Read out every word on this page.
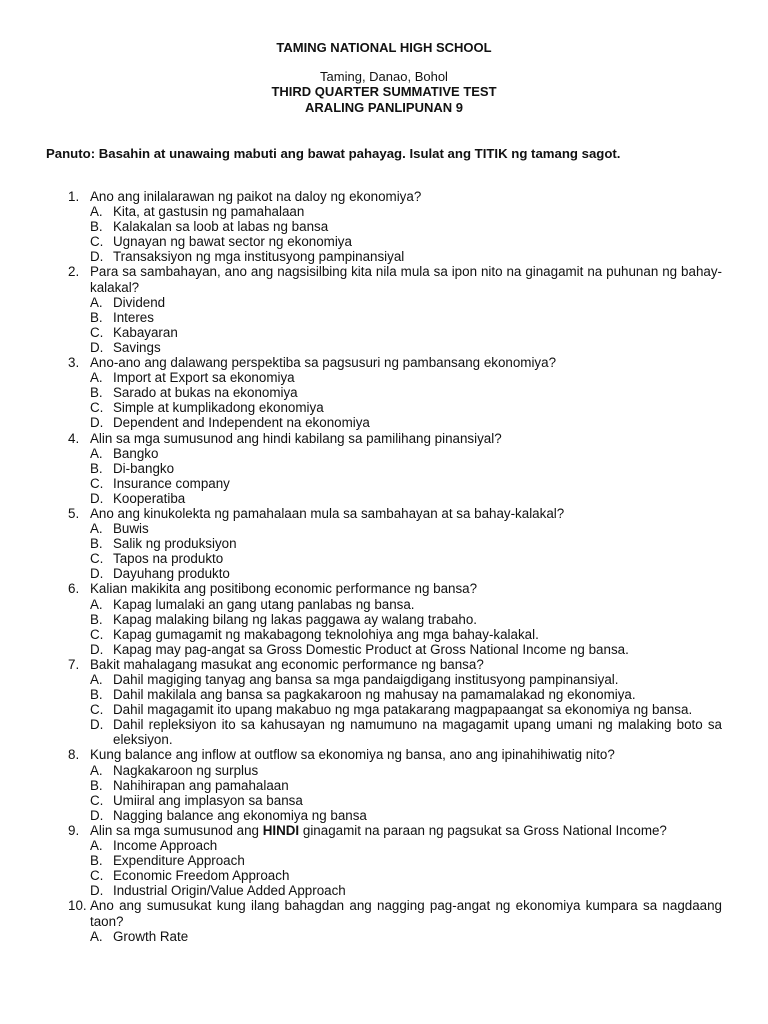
TAMING NATIONAL HIGH SCHOOL
Taming, Danao, Bohol
THIRD QUARTER SUMMATIVE TEST
ARALING PANLIPUNAN 9
Panuto: Basahin at unawaing mabuti ang bawat pahayag. Isulat ang TITIK ng tamang sagot.
1. Ano ang inilalarawan ng paikot na daloy ng ekonomiya?
A. Kita, at gastusin ng pamahalaan
B. Kalakalan sa loob at labas ng bansa
C. Ugnayan ng bawat sector ng ekonomiya
D. Transaksiyon ng mga institusyong pampinansiyal
2. Para sa sambahayan, ano ang nagsisilbing kita nila mula sa ipon nito na ginagamit na puhunan ng bahay-kalakal?
A. Dividend
B. Interes
C. Kabayaran
D. Savings
3. Ano-ano ang dalawang perspektiba sa pagsusuri ng pambansang ekonomiya?
A. Import at Export sa ekonomiya
B. Sarado at bukas na ekonomiya
C. Simple at kumplikadong ekonomiya
D. Dependent and Independent na ekonomiya
4. Alin sa mga sumusunod ang hindi kabilang sa pamilihang pinansiyal?
A. Bangko
B. Di-bangko
C. Insurance company
D. Kooperatiba
5. Ano ang kinukolekta ng pamahalaan mula sa sambahayan at sa bahay-kalakal?
A. Buwis
B. Salik ng produksiyon
C. Tapos na produkto
D. Dayuhang produkto
6. Kalian makikita ang positibong economic performance ng bansa?
A. Kapag lumalaki an gang utang panlabas ng bansa.
B. Kapag malaking bilang ng lakas paggawa ay walang trabaho.
C. Kapag gumagamit ng makabagong teknolohiya ang mga bahay-kalakal.
D. Kapag may pag-angat sa Gross Domestic Product at Gross National Income ng bansa.
7. Bakit mahalagang masukat ang economic performance ng bansa?
A. Dahil magiging tanyag ang bansa sa mga pandaigdigang institusyong pampinansiyal.
B. Dahil makilala ang bansa sa pagkakaroon ng mahusay na pamamalakad ng ekonomiya.
C. Dahil magagamit ito upang makabuo ng mga patakarang magpapaangat sa ekonomiya ng bansa.
D. Dahil repleksiyon ito sa kahusayan ng namumuno na magagamit upang umani ng malaking boto sa eleksiyon.
8. Kung balance ang inflow at outflow sa ekonomiya ng bansa, ano ang ipinahihiwatig nito?
A. Nagkakaroon ng surplus
B. Nahihirapan ang pamahalaan
C. Umiiral ang implasyon sa bansa
D. Nagging balance ang ekonomiya ng bansa
9. Alin sa mga sumusunod ang HINDI ginagamit na paraan ng pagsukat sa Gross National Income?
A. Income Approach
B. Expenditure Approach
C. Economic Freedom Approach
D. Industrial Origin/Value Added Approach
10. Ano ang sumusukat kung ilang bahagdan ang nagging pag-angat ng ekonomiya kumpara sa nagdaang taon?
A. Growth Rate
